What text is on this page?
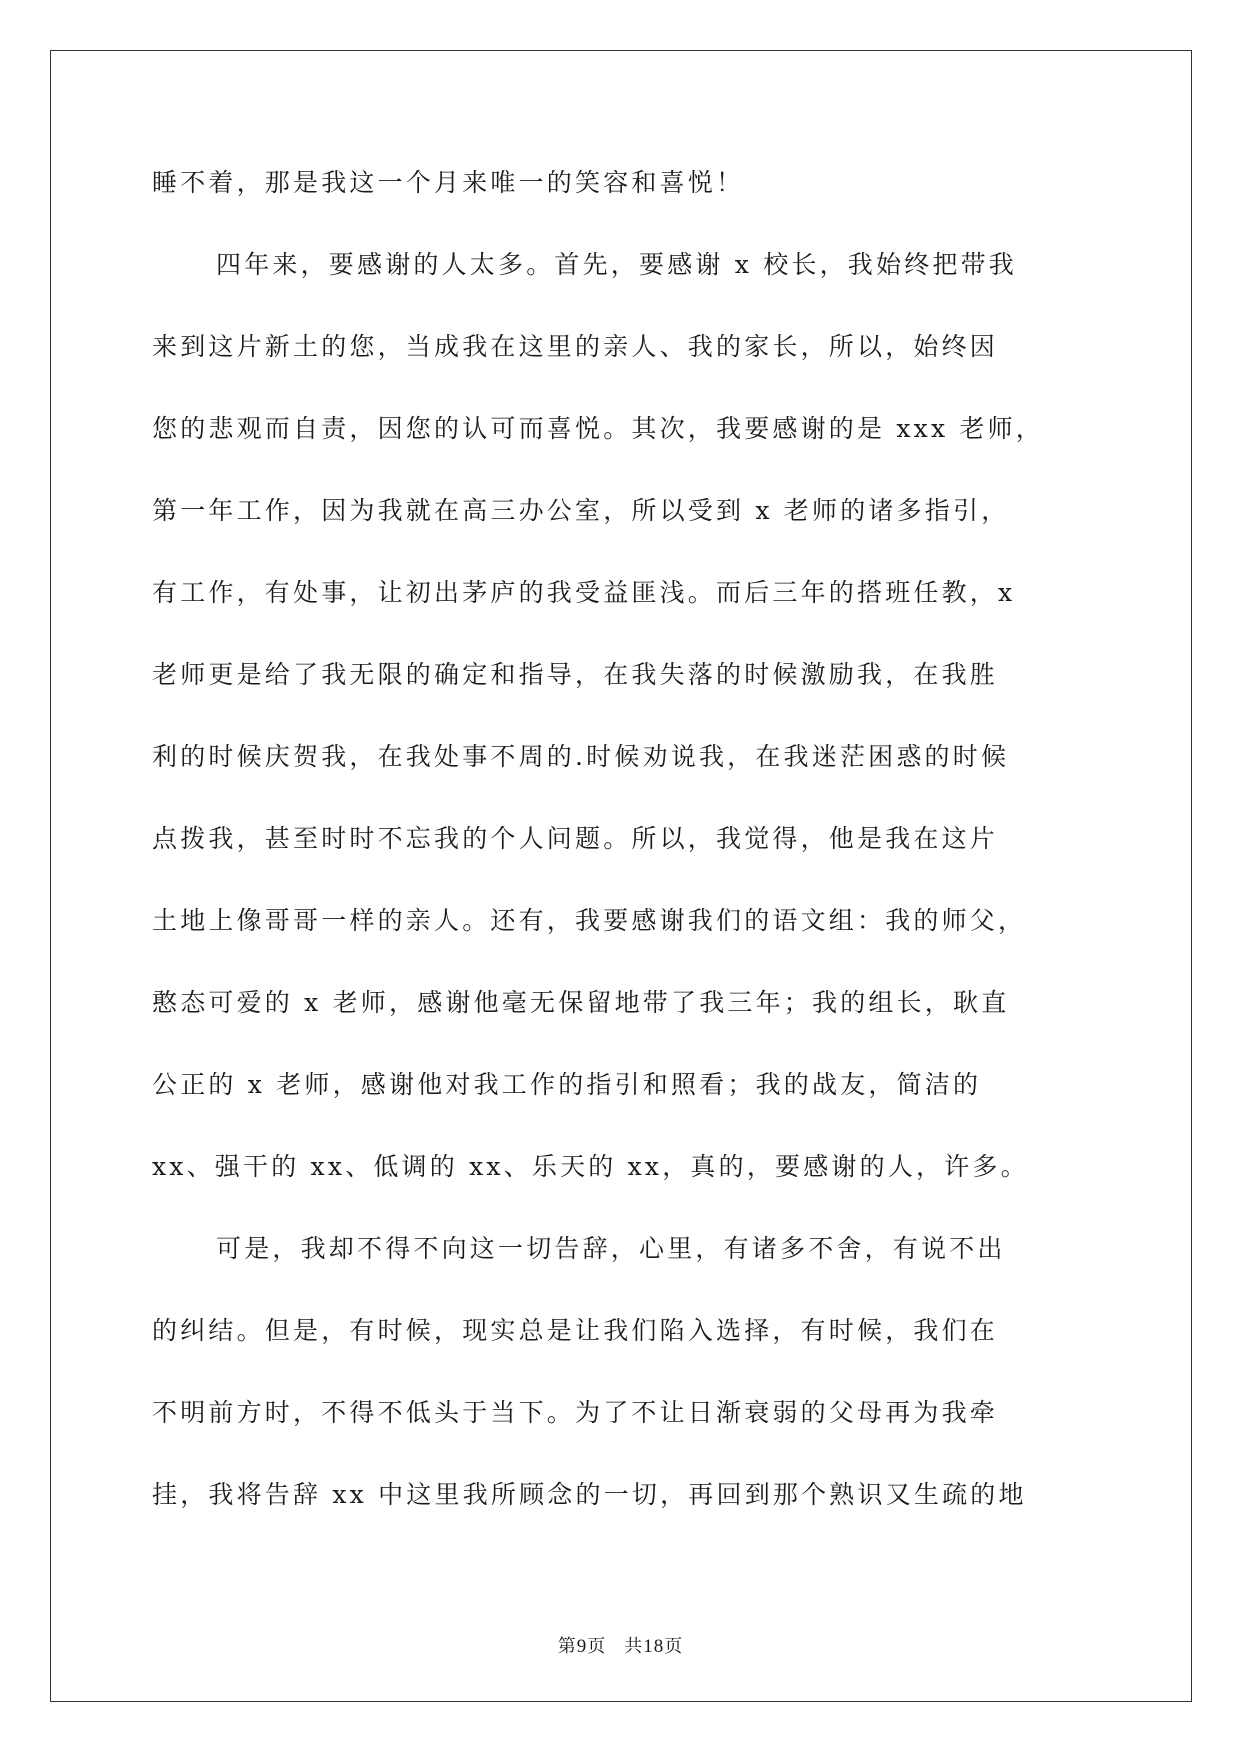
睡不着，那是我这一个月来唯一的笑容和喜悦！
四年来，要感谢的人太多。首先，要感谢 x 校长，我始终把带我
来到这片新土的您，当成我在这里的亲人、我的家长，所以，始终因
您的悲观而自责，因您的认可而喜悦。其次，我要感谢的是 xxx 老师，
第一年工作，因为我就在高三办公室，所以受到 x 老师的诸多指引，
有工作，有处事，让初出茅庐的我受益匪浅。而后三年的搭班任教，x
老师更是给了我无限的确定和指导，在我失落的时候激励我，在我胜
利的时候庆贺我，在我处事不周的.时候劝说我，在我迷茫困惑的时候
点拨我，甚至时时不忘我的个人问题。所以，我觉得，他是我在这片
土地上像哥哥一样的亲人。还有，我要感谢我们的语文组：我的师父，
憨态可爱的 x 老师，感谢他毫无保留地带了我三年；我的组长，耿直
公正的 x 老师，感谢他对我工作的指引和照看；我的战友，简洁的
xx、强干的 xx、低调的 xx、乐天的 xx，真的，要感谢的人，许多。
可是，我却不得不向这一切告辞，心里，有诸多不舍，有说不出
的纠结。但是，有时候，现实总是让我们陷入选择，有时候，我们在
不明前方时，不得不低头于当下。为了不让日渐衰弱的父母再为我牵
挂，我将告辞 xx 中这里我所顾念的一切，再回到那个熟识又生疏的地
第9页 共18页
